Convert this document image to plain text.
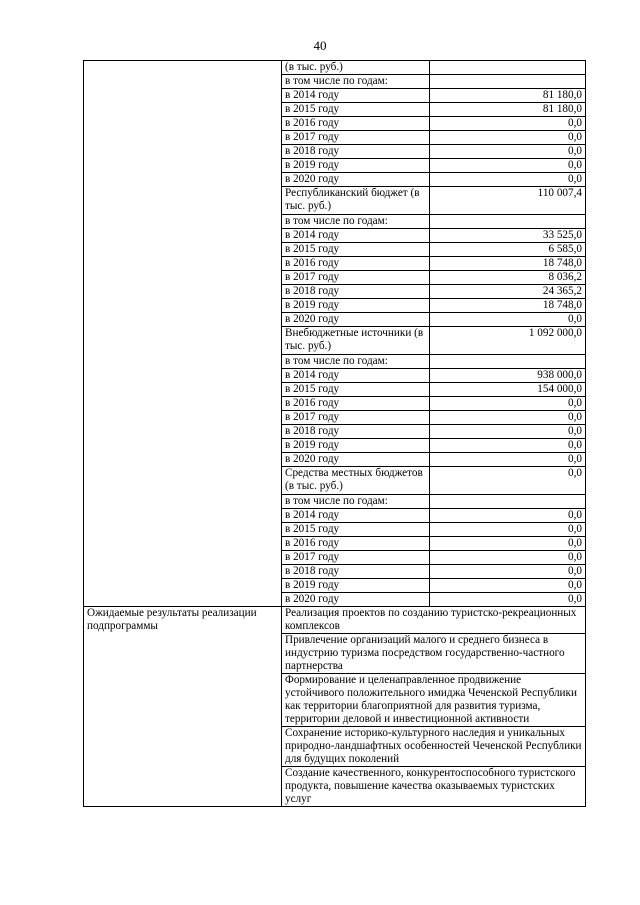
40
	(в тыс. руб.)	
	в том числе по годам:	
	в 2014 году	81 180,0
	в 2015 году	81 180,0
	в 2016 году	0,0
	в 2017 году	0,0
	в 2018 году	0,0
	в 2019 году	0,0
	в 2020 году	0,0
	Республиканский бюджет (в тыс. руб.)	110 007,4
	в том числе по годам:	
	в 2014 году	33 525,0
	в 2015 году	6 585,0
	в 2016 году	18 748,0
	в 2017 году	8 036,2
	в 2018 году	24 365,2
	в 2019 году	18 748,0
	в 2020 году	0,0
	Внебюджетные источники (в тыс. руб.)	1 092 000,0
	в том числе по годам:	
	в 2014 году	938 000,0
	в 2015 году	154 000,0
	в 2016 году	0,0
	в 2017 году	0,0
	в 2018 году	0,0
	в 2019 году	0,0
	в 2020 году	0,0
	Средства местных бюджетов (в тыс. руб.)	0,0
	в том числе по годам:	
	в 2014 году	0,0
	в 2015 году	0,0
	в 2016 году	0,0
	в 2017 году	0,0
	в 2018 году	0,0
	в 2019 году	0,0
	в 2020 году	0,0
Ожидаемые результаты реализации подпрограммы	Реализация проектов по созданию туристско-рекреационных комплексов	
	Привлечение организаций малого и среднего бизнеса в индустрию туризма посредством государственно-частного партнерства	
	Формирование и целенаправленное продвижение устойчивого положительного имиджа Чеченской Республики как территории благоприятной для развития туризма, территории деловой и инвестиционной активности	
	Сохранение историко-культурного наследия и уникальных природно-ландшафтных особенностей Чеченской Республики для будущих поколений	
	Создание качественного, конкурентоспособного туристского продукта, повышение качества оказываемых туристских услуг	
